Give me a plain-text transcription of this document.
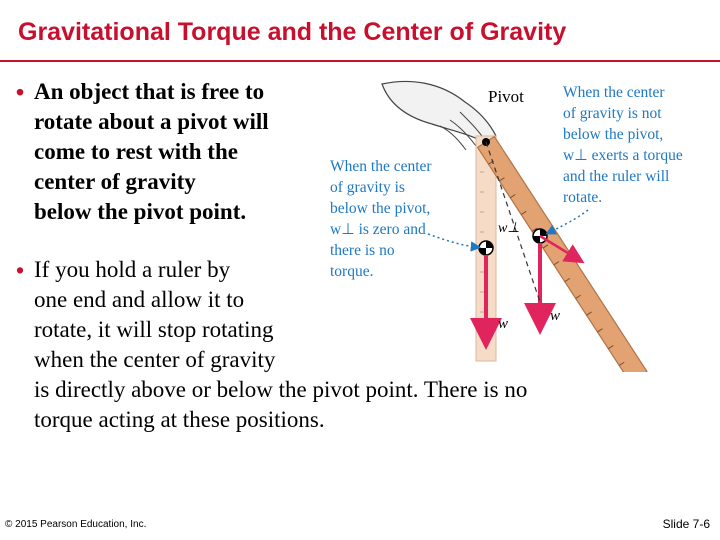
Gravitational Torque and the Center of Gravity
• An object that is free to
rotate about a pivot will
come to rest with the
center of gravity
below the pivot point.
• If you hold a ruler by
one end and allow it to
rotate, it will stop rotating
when the center of gravity
is directly above or below the pivot point. There is no
torque acting at these positions.
Pivot
When the center
of gravity is
below the pivot,
w⊥ is zero and
there is no
torque.
When the center
of gravity is not
below the pivot,
w⊥ exerts a torque
and the ruler will
rotate.
w⊥
w	w
© 2015 Pearson Education, Inc.	Slide 7-6
